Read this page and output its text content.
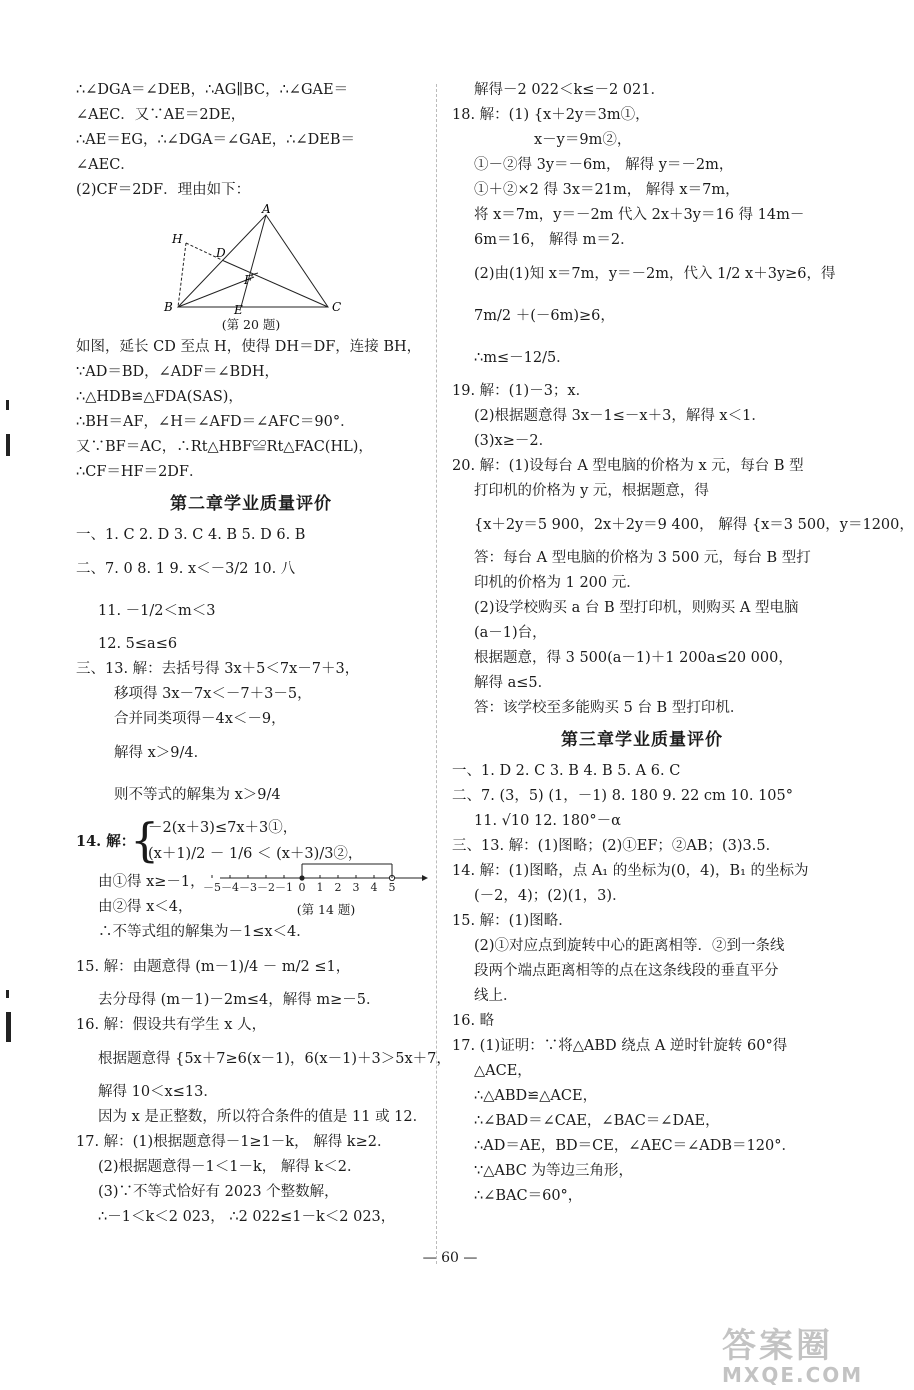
∴∠DGA＝∠DEB，∴AG∥BC，∴∠GAE＝
∠AEC．又∵AE＝2DE，
∴AE＝EG，∴∠DGA＝∠GAE，∴∠DEB＝
∠AEC．
(2)CF＝2DF．理由如下：
A
H
D
F
B	E	C
(第 20 题)
如图，延长 CD 至点 H，使得 DH＝DF，连接 BH，
∵AD＝BD，∠ADF＝∠BDH，
∴△HDB≌△FDA(SAS)，
∴BH＝AF，∠H＝∠AFD＝∠AFC＝90°．
又∵BF＝AC，∴Rt△HBF≌Rt△FAC(HL)，
∴CF＝HF＝2DF．
第二章学业质量评价
一、1. C 2. D 3. C 4. B 5. D 6. B
二、7. 0 8. 1 9. x＜－3/2 10. 八
11. －1/2＜m＜3
12. 5≤a≤6
三、13. 解：去括号得 3x＋5＜7x－7＋3，
移项得 3x－7x＜－7＋3－5，
合并同类项得－4x＜－9，
解得 x＞9/4．
则不等式的解集为 x＞9/4
14. 解：
{
－2(x＋3)≤7x＋3①，
(x＋1)/2 － 1/6 ＜ (x＋3)/3②，
由①得 x≥－1，
由②得 x＜4，
∴不等式组的解集为－1≤x＜4．
－5 －4 －3 －2 －1 0 1 2 3 4 5
(第 14 题)
15. 解：由题意得 (m－1)/4 － m/2 ≤1，
去分母得 (m－1)－2m≤4，解得 m≥－5．
16. 解：假设共有学生 x 人，
根据题意得 {5x＋7≥6(x－1)，6(x－1)＋3＞5x＋7，
解得 10＜x≤13．
因为 x 是正整数，所以符合条件的值是 11 或 12．
17. 解：(1)根据题意得－1≥1－k， 解得 k≥2．
(2)根据题意得－1＜1－k， 解得 k＜2．
(3)∵不等式恰好有 2023 个整数解，
∴－1＜k＜2 023， ∴2 022≤1－k＜2 023，
解得－2 022＜k≤－2 021．
18. 解：(1) {x＋2y＝3m①，
x－y＝9m②，
①－②得 3y＝－6m， 解得 y＝－2m，
①＋②×2 得 3x＝21m， 解得 x＝7m，
将 x＝7m，y＝－2m 代入 2x＋3y＝16 得 14m－
6m＝16， 解得 m＝2．
(2)由(1)知 x＝7m，y＝－2m，代入 1/2 x＋3y≥6，得
7m/2 ＋(－6m)≥6，
∴m≤－12/5．
19. 解：(1)－3；x．
(2)根据题意得 3x－1≤－x＋3，解得 x＜1．
(3)x≥－2．
20. 解：(1)设每台 A 型电脑的价格为 x 元，每台 B 型
打印机的价格为 y 元，根据题意，得
{x＋2y＝5 900，2x＋2y＝9 400， 解得 {x＝3 500，y＝1200，
答：每台 A 型电脑的价格为 3 500 元，每台 B 型打
印机的价格为 1 200 元．
(2)设学校购买 a 台 B 型打印机，则购买 A 型电脑
(a－1)台，
根据题意，得 3 500(a－1)＋1 200a≤20 000，
解得 a≤5．
答：该学校至多能购买 5 台 B 型打印机．
第三章学业质量评价
一、1. D 2. C 3. B 4. B 5. A 6. C
二、7. (3，5) (1，－1) 8. 180 9. 22 cm 10. 105°
11. √10 12. 180°－α
三、13. 解：(1)图略；(2)①EF；②AB；(3)3.5．
14. 解：(1)图略，点 A₁ 的坐标为(0，4)，B₁ 的坐标为
(－2，4)；(2)(1，3)．
15. 解：(1)图略．
(2)①对应点到旋转中心的距离相等．②到一条线
段两个端点距离相等的点在这条线段的垂直平分
线上．
16. 略
17. (1)证明：∵将△ABD 绕点 A 逆时针旋转 60°得
△ACE，
∴△ABD≌△ACE，
∴∠BAD＝∠CAE，∠BAC＝∠DAE，
∴AD＝AE，BD＝CE，∠AEC＝∠ADB＝120°．
∵△ABC 为等边三角形，
∴∠BAC＝60°，
— 60 —
答案圈
MXQE.COM
